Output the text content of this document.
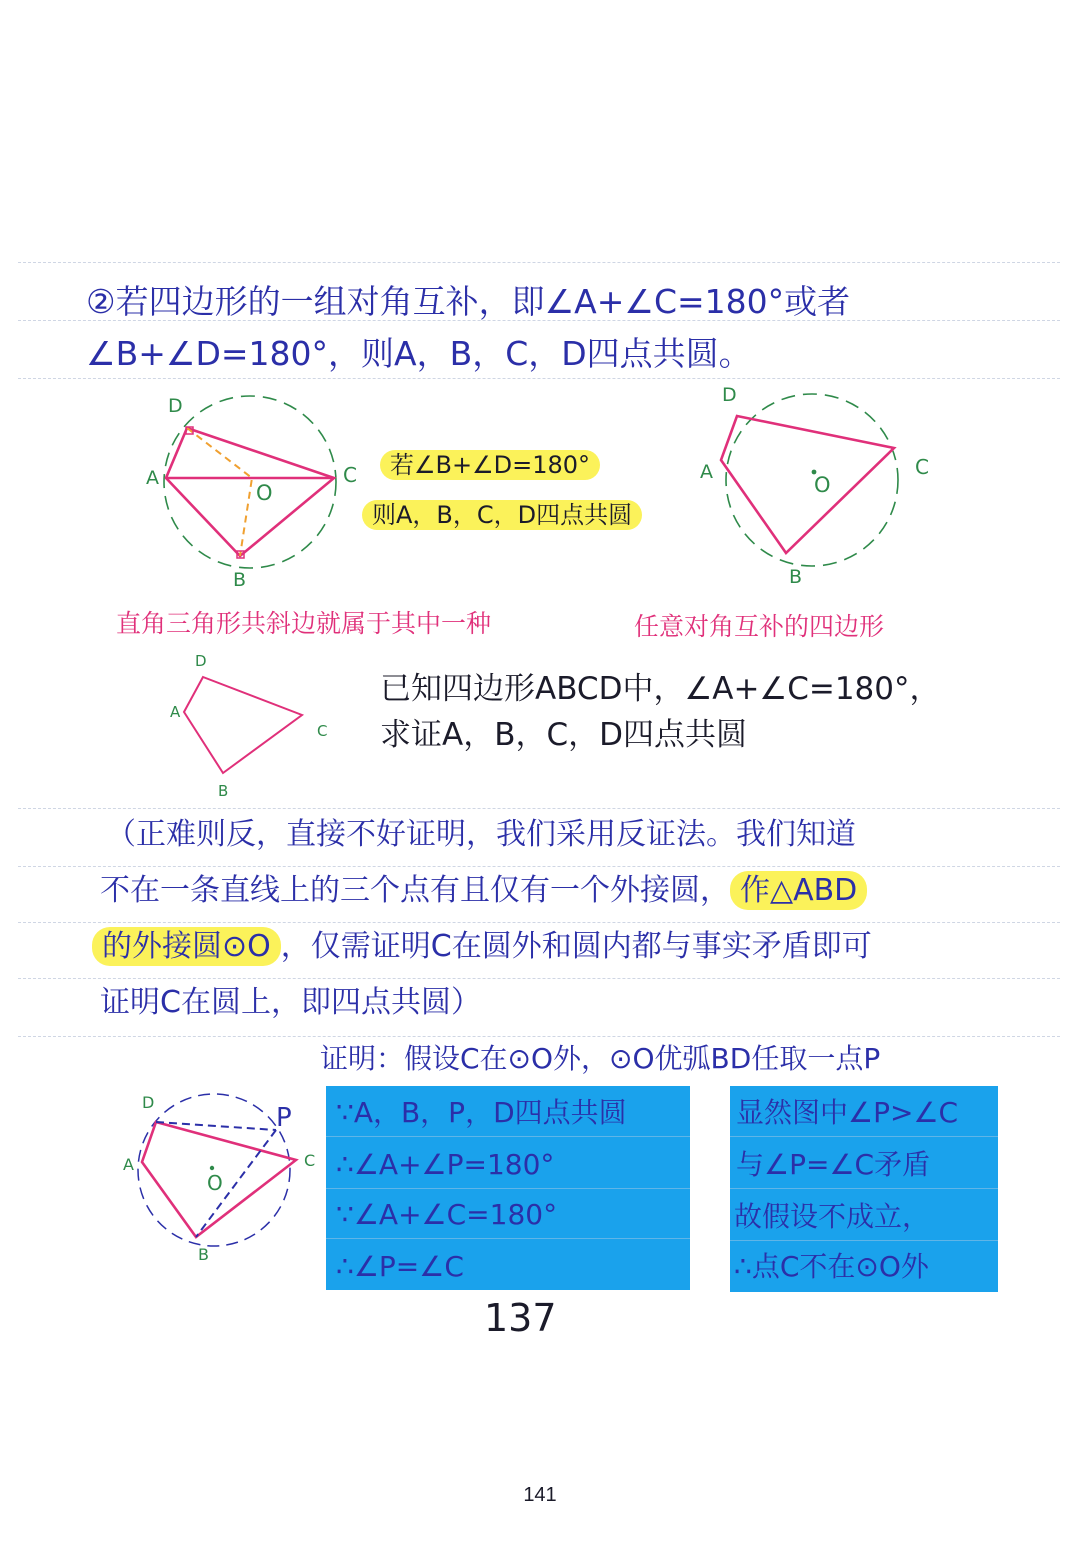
②若四边形的一组对角互补，即∠A+∠C=180°或者
∠B+∠D=180°，则A，B，C，D四点共圆。
D
A
O
C
B
若∠B+∠D=180°
则A，B，C，D四点共圆
D
A
O
C
B
直角三角形共斜边就属于其中一种	任意对角互补的四边形
D
A
C
B
已知四边形ABCD中，∠A+∠C=180°，
求证A，B，C，D四点共圆
（正难则反，直接不好证明，我们采用反证法。我们知道
不在一条直线上的三个点有且仅有一个外接圆， 作△ABD
的外接圆⊙O ，仅需证明C在圆外和圆内都与事实矛盾即可
证明C在圆上，即四点共圆）
证明：假设C在⊙O外，⊙O优弧BD任取一点P
D
A
O
C
B
P ∵A，B，P，D四点共圆
∴∠A+∠P=180°
∵∠A+∠C=180°
∴∠P=∠C
显然图中∠P>∠C
与∠P=∠C矛盾
故假设不成立，
∴点C不在⊙O外
137
141
